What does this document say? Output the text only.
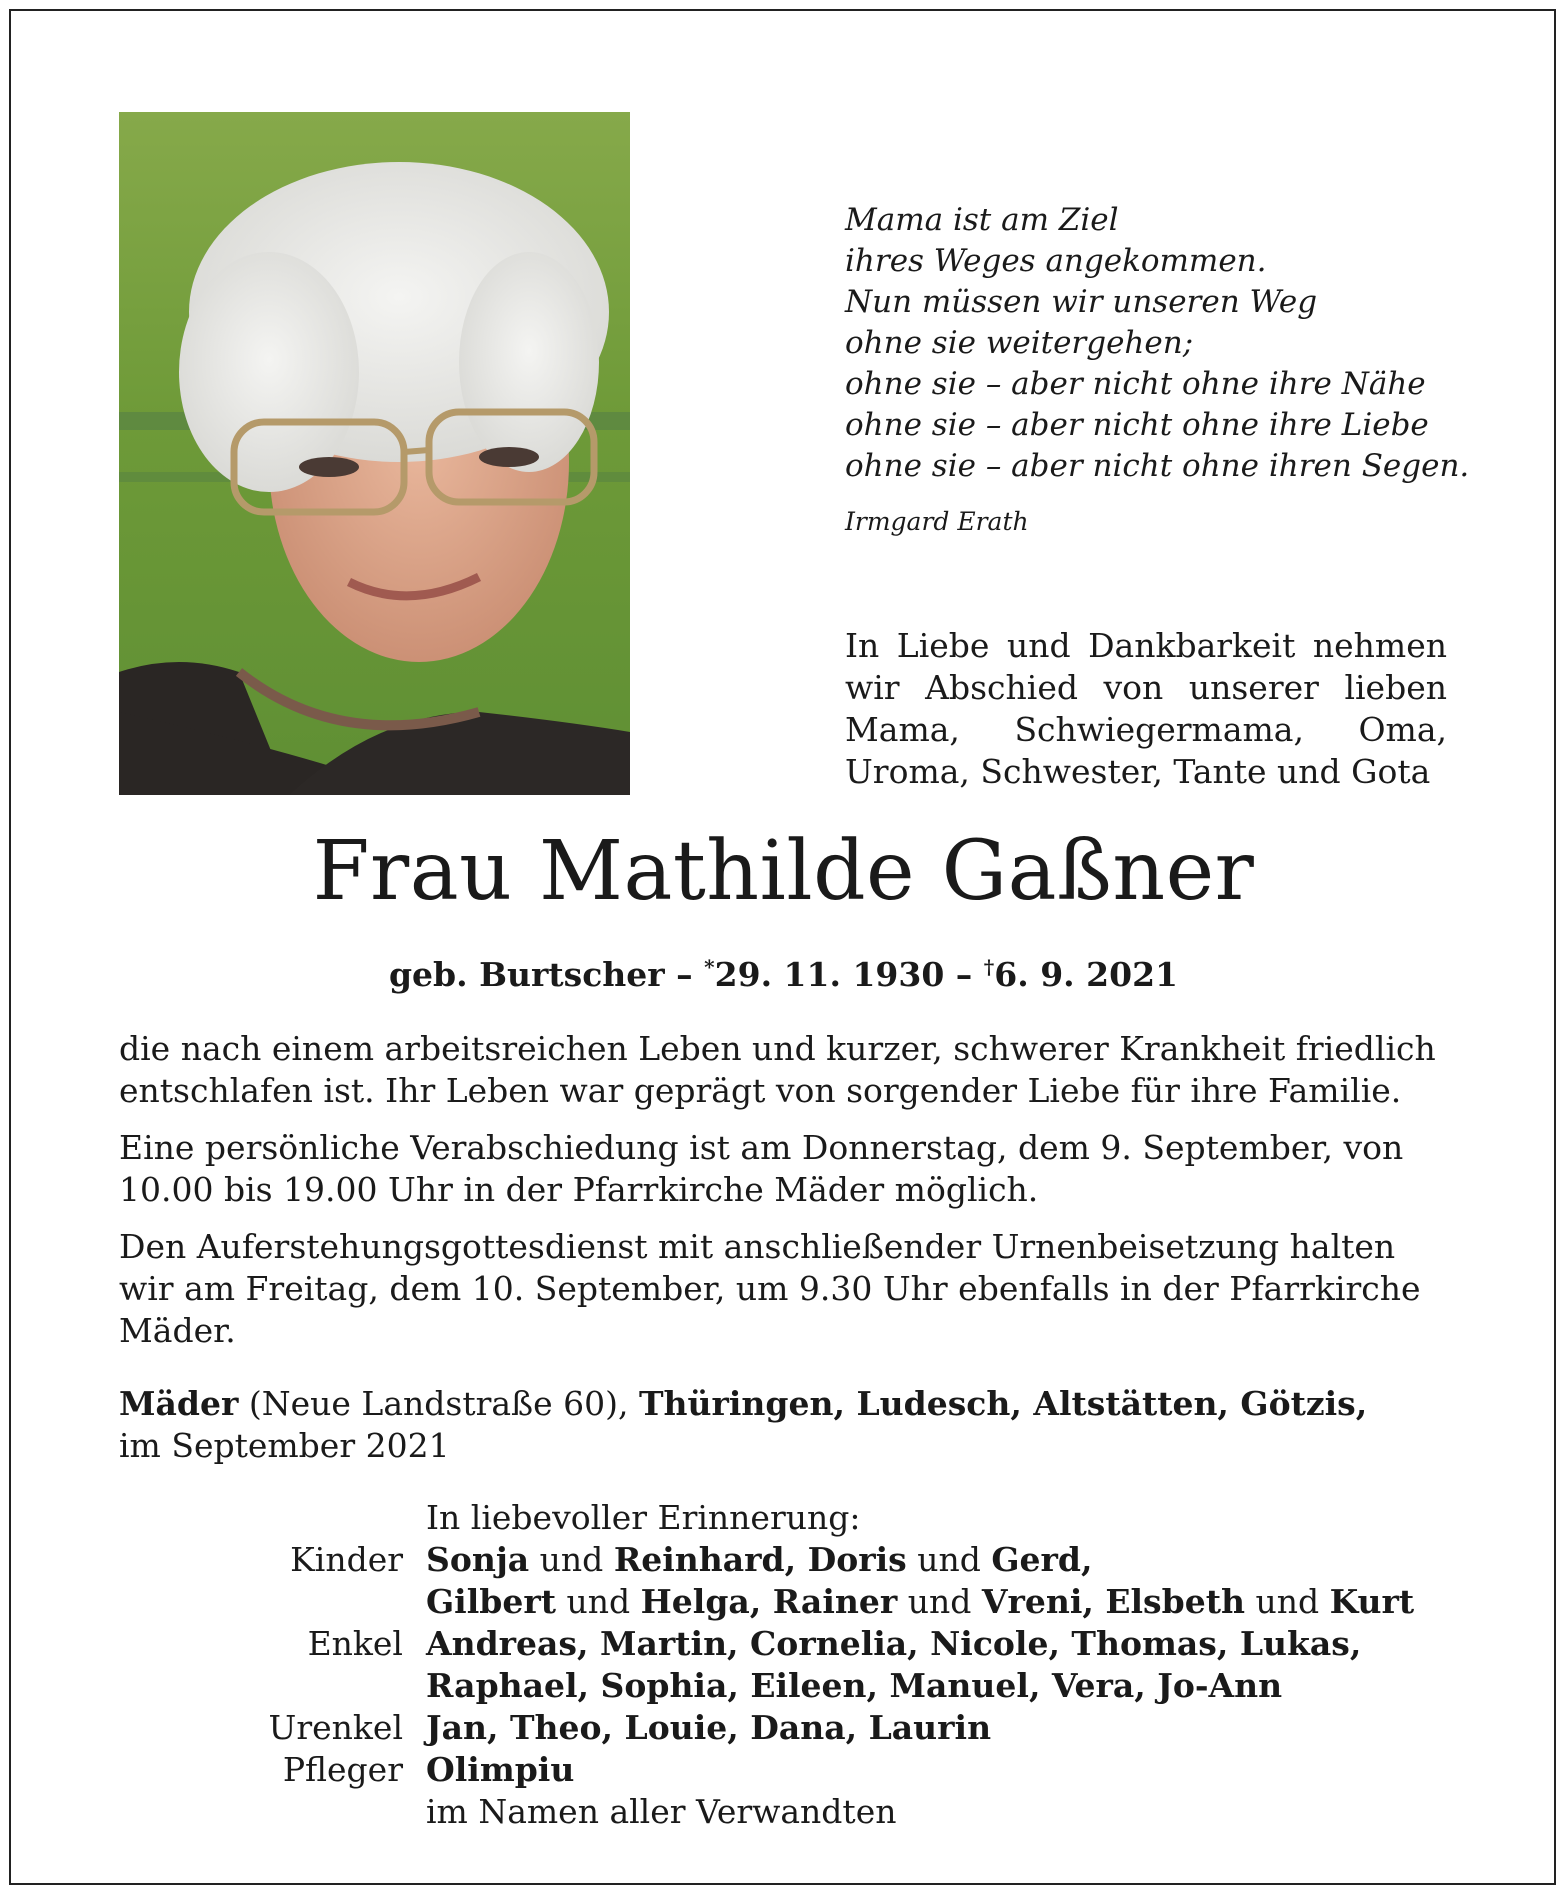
Mama ist am Ziel
ihres Weges angekommen.
Nun müssen wir unseren Weg
ohne sie weitergehen;
ohne sie – aber nicht ohne ihre Nähe
ohne sie – aber nicht ohne ihre Liebe
ohne sie – aber nicht ohne ihren Segen.
Irmgard Erath
In Liebe und Dankbarkeit nehmen
wir Abschied von unserer lieben
Mama, Schwiegermama, Oma,
Uroma, Schwester, Tante und Gota
Frau Mathilde Gaßner
geb. Burtscher – *29. 11. 1930 – †6. 9. 2021
die nach einem arbeitsreichen Leben und kurzer, schwerer Krankheit friedlich
entschlafen ist. Ihr Leben war geprägt von sorgender Liebe für ihre Familie.
Eine persönliche Verabschiedung ist am Donnerstag, dem 9. September, von
10.00 bis 19.00 Uhr in der Pfarrkirche Mäder möglich.
Den Auferstehungsgottesdienst mit anschließender Urnenbeisetzung halten
wir am Freitag, dem 10. September, um 9.30 Uhr ebenfalls in der Pfarrkirche
Mäder.
Mäder (Neue Landstraße 60), Thüringen, Ludesch, Altstätten, Götzis,
im September 2021
In liebevoller Erinnerung:
Kinder Sonja und Reinhard, Doris und Gerd,
Gilbert und Helga, Rainer und Vreni, Elsbeth und Kurt
Enkel Andreas, Martin, Cornelia, Nicole, Thomas, Lukas,
Raphael, Sophia, Eileen, Manuel, Vera, Jo-Ann
Urenkel Jan, Theo, Louie, Dana, Laurin
Pfleger Olimpiu
im Namen aller Verwandten
